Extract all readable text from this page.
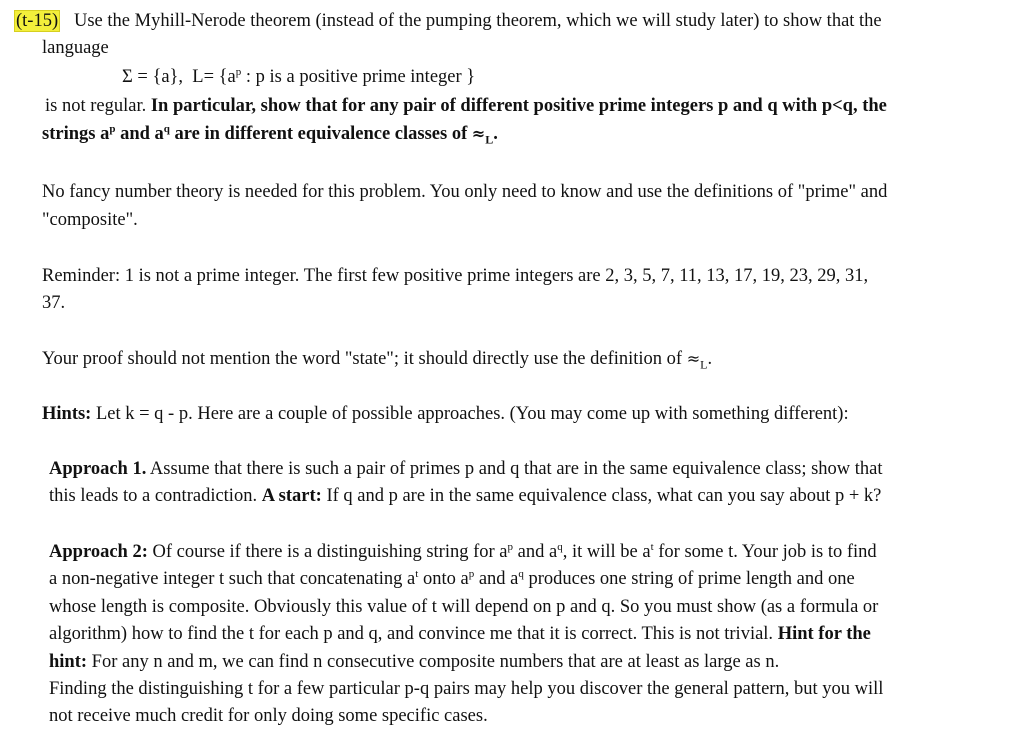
(t-15) Use the Myhill-Nerode theorem (instead of the pumping theorem, which we will study later) to show that the
language
Σ = {a}, $L= \{a^p$ : p is a positive prime integer }
is not regular. In particular, show that for any pair of different positive prime integers p and q with p<q, the
strings $a^p$ and $a^q$ are in different equivalence classes of $\approx_L$.
No fancy number theory is needed for this problem. You only need to know and use the definitions of "prime" and
"composite".
Reminder: 1 is not a prime integer. The first few positive prime integers are 2, 3, 5, 7, 11, 13, 17, 19, 23, 29, 31,
37.
Your proof should not mention the word "state"; it should directly use the definition of $\approx_L$.
Hints: Let k = q - p. Here are a couple of possible approaches. (You may come up with something different):
Approach 1. Assume that there is such a pair of primes p and q that are in the same equivalence class; show that
this leads to a contradiction. A start: If q and p are in the same equivalence class, what can you say about p + k?
Approach 2: Of course if there is a distinguishing string for $a^p$ and $a^q$, it will be $a^t$ for some t. Your job is to find
a non-negative integer t such that concatenating $a^t$ onto $a^p$ and $a^q$ produces one string of prime length and one
whose length is composite. Obviously this value of t will depend on p and q. So you must show (as a formula or
algorithm) how to find the t for each p and q, and convince me that it is correct. This is not trivial. Hint for the
hint: For any n and m, we can find n consecutive composite numbers that are at least as large as n.
Finding the distinguishing t for a few particular p-q pairs may help you discover the general pattern, but you will
not receive much credit for only doing some specific cases.
